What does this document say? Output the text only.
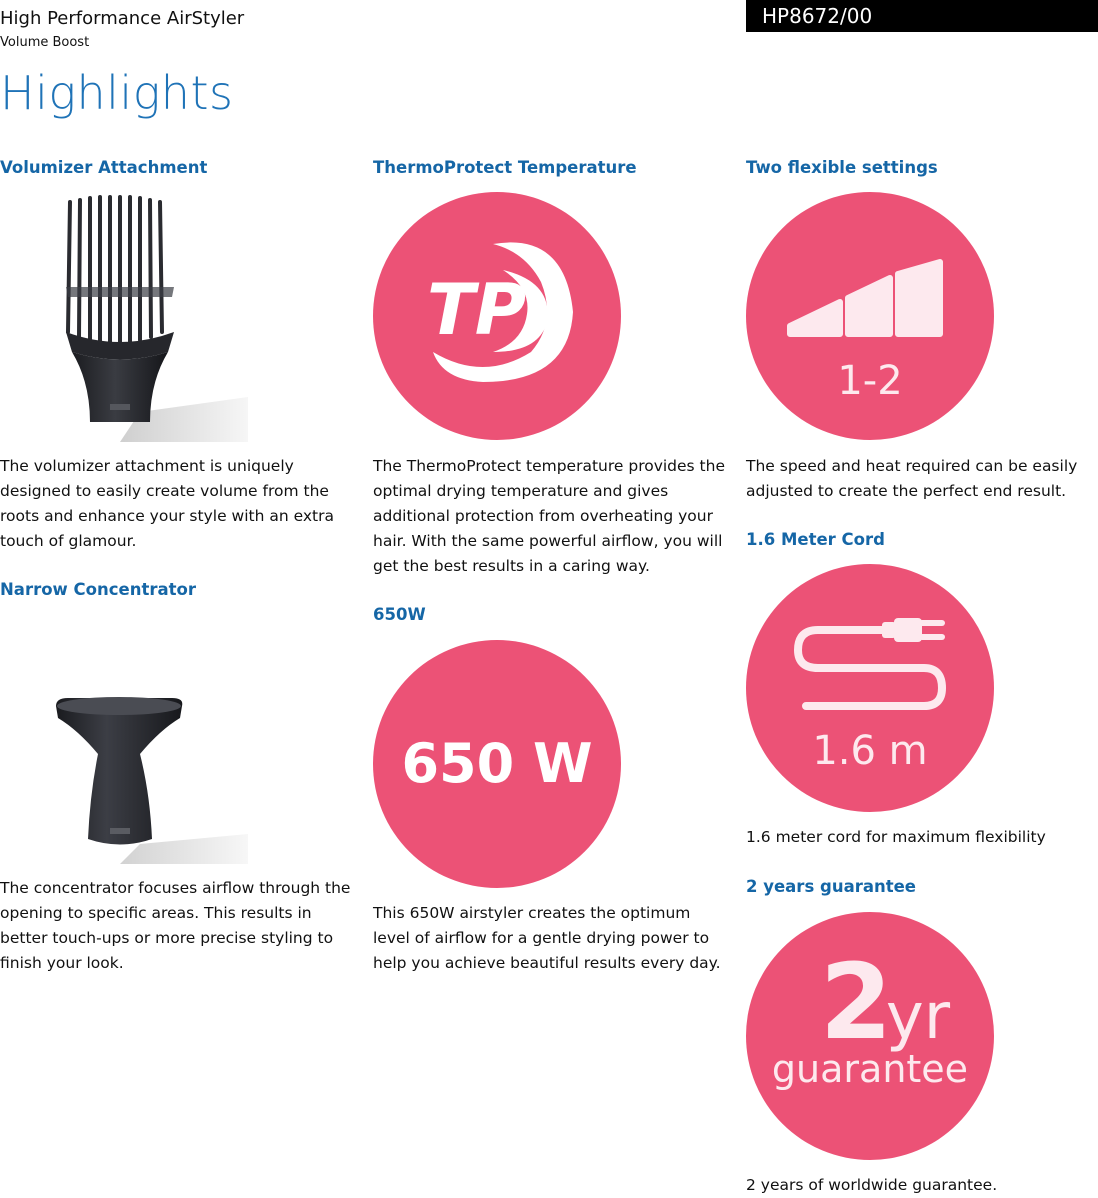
High Performance AirStyler
Volume Boost
HP8672/00
Highlights
Volumizer Attachment
The volumizer attachment is uniquely designed to easily create volume from the roots and enhance your style with an extra touch of glamour.
Narrow Concentrator
The concentrator focuses airflow through the opening to specific areas. This results in better touch-ups or more precise styling to finish your look.
ThermoProtect Temperature
TP
The ThermoProtect temperature provides the optimal drying temperature and gives additional protection from overheating your hair. With the same powerful airflow, you will get the best results in a caring way.
650W
650 W
This 650W airstyler creates the optimum level of airflow for a gentle drying power to help you achieve beautiful results every day.
Two flexible settings
1-2
The speed and heat required can be easily adjusted to create the perfect end result.
1.6 Meter Cord
1.6 m
1.6 meter cord for maximum flexibility
2 years guarantee
2
yr
guarantee
2 years of worldwide guarantee.
